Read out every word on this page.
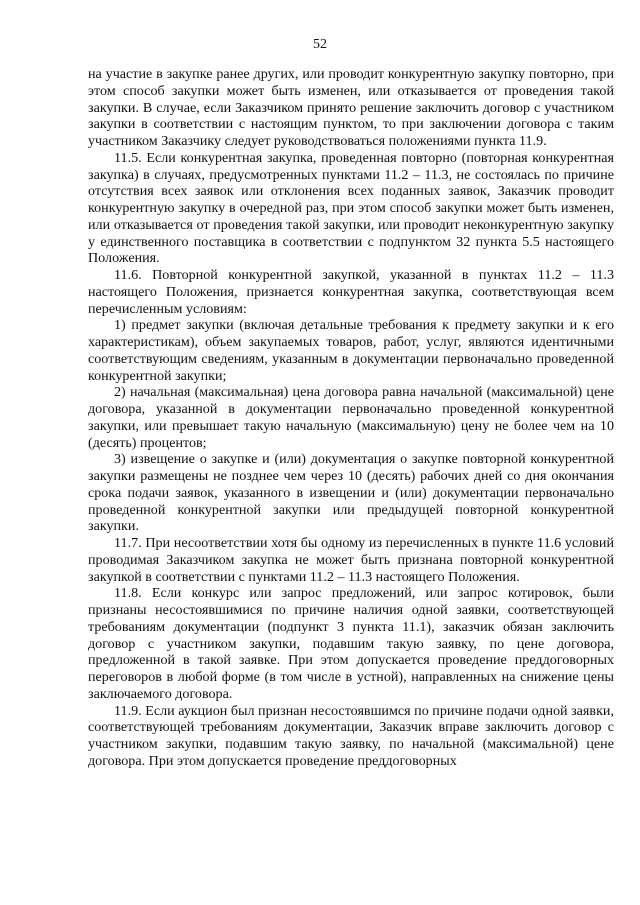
52

на участие в закупке ранее других, или проводит конкурентную закупку повторно, при этом способ закупки может быть изменен, или отказывается от проведения такой закупки. В случае, если Заказчиком принято решение заключить договор с участником закупки в соответствии с настоящим пунктом, то при заключении договора с таким участником Заказчику следует руководствоваться положениями пункта 11.9.

11.5. Если конкурентная закупка, проведенная повторно (повторная конкурентная закупка) в случаях, предусмотренных пунктами 11.2 – 11.3, не состоялась по причине отсутствия всех заявок или отклонения всех поданных заявок, Заказчик проводит конкурентную закупку в очередной раз, при этом способ закупки может быть изменен, или отказывается от проведения такой закупки, или проводит неконкурентную закупку у единственного поставщика в соответствии с подпунктом 32 пункта 5.5 настоящего Положения.

11.6. Повторной конкурентной закупкой, указанной в пунктах 11.2 – 11.3 настоящего Положения, признается конкурентная закупка, соответствующая всем перечисленным условиям:

1) предмет закупки (включая детальные требования к предмету закупки и к его характеристикам), объем закупаемых товаров, работ, услуг, являются идентичными соответствующим сведениям, указанным в документации первоначально проведенной конкурентной закупки;

2) начальная (максимальная) цена договора равна начальной (максимальной) цене договора, указанной в документации первоначально проведенной конкурентной закупки, или превышает такую начальную (максимальную) цену не более чем на 10 (десять) процентов;

3) извещение о закупке и (или) документация о закупке повторной конкурентной закупки размещены не позднее чем через 10 (десять) рабочих дней со дня окончания срока подачи заявок, указанного в извещении и (или) документации первоначально проведенной конкурентной закупки или предыдущей повторной конкурентной закупки.

11.7. При несоответствии хотя бы одному из перечисленных в пункте 11.6 условий проводимая Заказчиком закупка не может быть признана повторной конкурентной закупкой в соответствии с пунктами 11.2 – 11.3 настоящего Положения.

11.8. Если конкурс или запрос предложений, или запрос котировок, были признаны несостоявшимися по причине наличия одной заявки, соответствующей требованиям документации (подпункт 3 пункта 11.1), заказчик обязан заключить договор с участником закупки, подавшим такую заявку, по цене договора, предложенной в такой заявке. При этом допускается проведение преддоговорных переговоров в любой форме (в том числе в устной), направленных на снижение цены заключаемого договора.

11.9. Если аукцион был признан несостоявшимся по причине подачи одной заявки, соответствующей требованиям документации, Заказчик вправе заключить договор с участником закупки, подавшим такую заявку, по начальной (максимальной) цене договора. При этом допускается проведение преддоговорных
